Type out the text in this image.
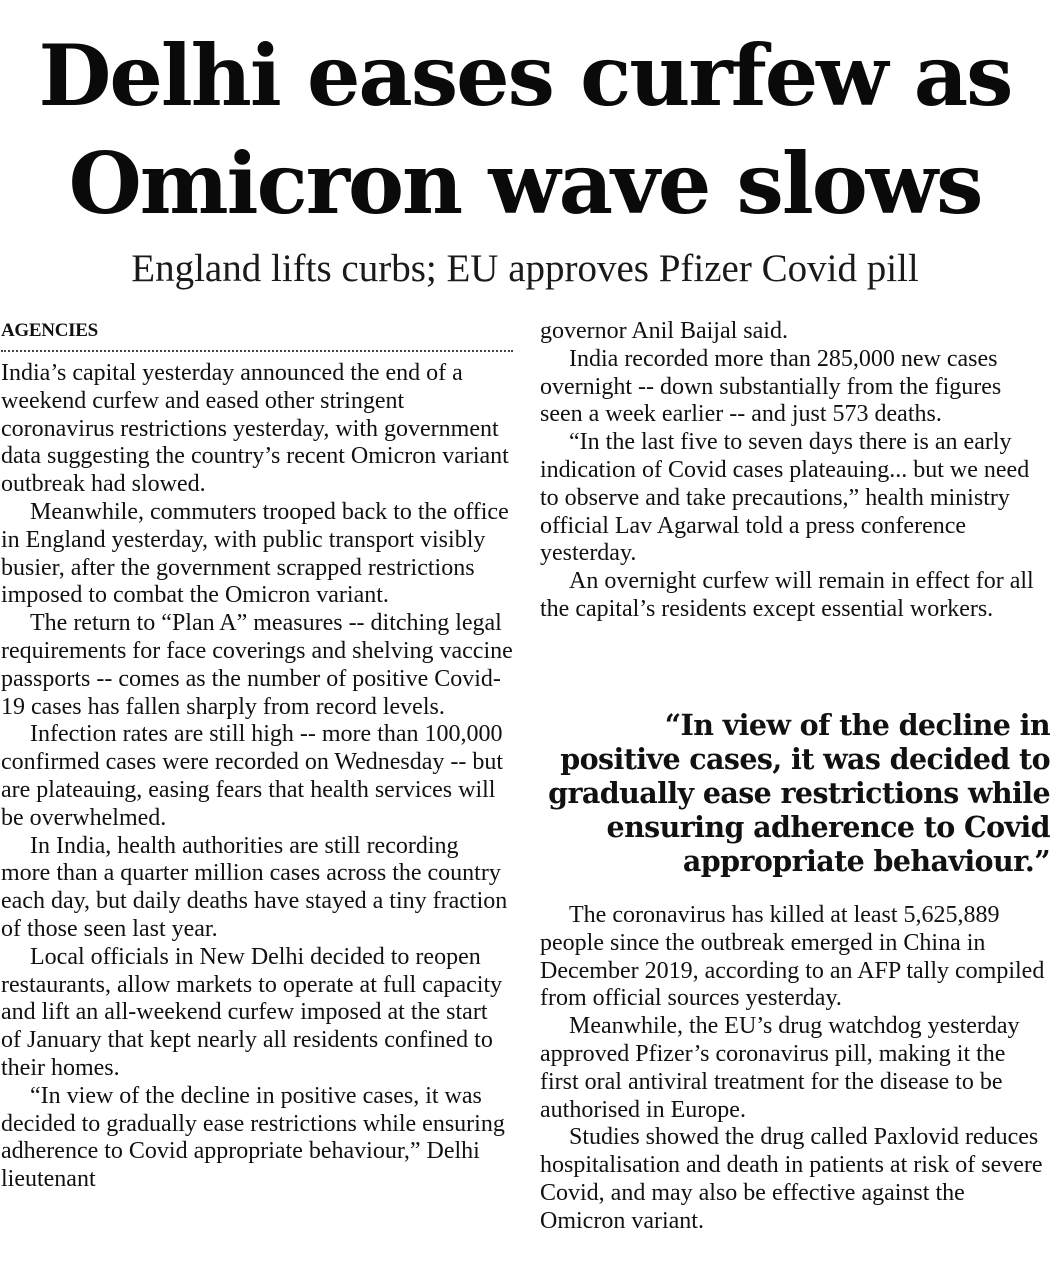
Delhi eases curfew as
Omicron wave slows
England lifts curbs; EU approves Pfizer Covid pill

AGENCIES

India’s capital yesterday announced the end of a weekend curfew and eased other stringent coronavirus restrictions yesterday, with government data suggesting the country’s recent Omicron variant outbreak had slowed.

Meanwhile, commuters trooped back to the office in England yesterday, with public transport visibly busier, after the government scrapped restrictions imposed to combat the Omicron variant.

The return to “Plan A” measures -- ditching legal requirements for face coverings and shelving vaccine passports -- comes as the number of positive Covid-19 cases has fallen sharply from record levels.

Infection rates are still high -- more than 100,000 confirmed cases were recorded on Wednesday -- but are plateauing, easing fears that health services will be overwhelmed.

In India, health authorities are still recording more than a quarter million cases across the country each day, but daily deaths have stayed a tiny fraction of those seen last year.

Local officials in New Delhi decided to reopen restaurants, allow markets to operate at full capacity and lift an all-weekend curfew imposed at the start of January that kept nearly all residents confined to their homes.

“In view of the decline in positive cases, it was decided to gradually ease restrictions while ensuring adherence to Covid appropriate behaviour,” Delhi lieutenant

governor Anil Baijal said.

India recorded more than 285,000 new cases overnight -- down substantially from the figures seen a week earlier -- and just 573 deaths.

“In the last five to seven days there is an early indication of Covid cases plateauing... but we need to observe and take precautions,” health ministry official Lav Agarwal told a press conference yesterday.

An overnight curfew will remain in effect for all the capital’s residents except essential workers.

“In view of the decline in positive cases, it was decided to gradually ease restrictions while ensuring adherence to Covid appropriate behaviour.”

The coronavirus has killed at least 5,625,889 people since the outbreak emerged in China in December 2019, according to an AFP tally compiled from official sources yesterday.

Meanwhile, the EU’s drug watchdog yesterday approved Pfizer’s coronavirus pill, making it the first oral antiviral treatment for the disease to be authorised in Europe.

Studies showed the drug called Paxlovid reduces hospitalisation and death in patients at risk of severe Covid, and may also be effective against the Omicron variant.
